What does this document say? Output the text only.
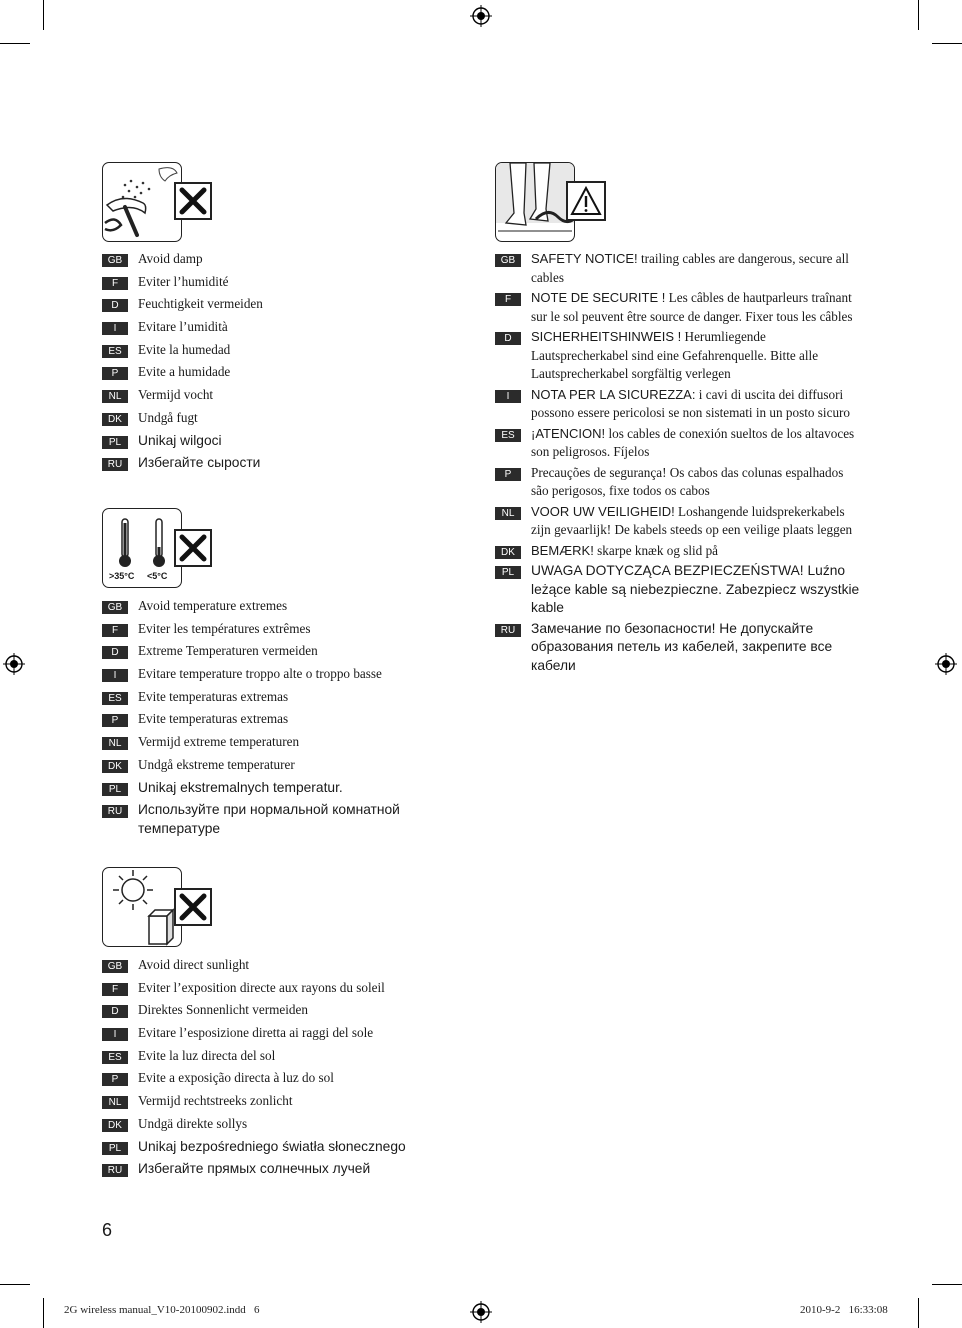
GB	Avoid damp
F	Eviter l’humidité
D	Feuchtigkeit vermeiden
I	Evitare l’umidità
ES	Evite la humedad
P	Evite a humidade
NL	Vermijd vocht
DK	Undgå fugt
PL	Unikaj wilgoci
RU	Избегайте сырости
>35°C <5°C
GB	Avoid temperature extremes
F	Eviter les températures extrêmes
D	Extreme Temperaturen vermeiden
I	Evitare temperature troppo alte o troppo basse
ES	Evite temperaturas extremas
P	Evite temperaturas extremas
NL	Vermijd extreme temperaturen
DK	Undgå ekstreme temperaturer
PL	Unikaj ekstremalnych temperatur.
RU	Используйте при нормальной комнатной температуре
GB	Avoid direct sunlight
F	Eviter l’exposition directe aux rayons du soleil
D	Direktes Sonnenlicht vermeiden
I	Evitare l’esposizione diretta ai raggi del sole
ES	Evite la luz directa del sol
P	Evite a exposição directa à luz do sol
NL	Vermijd rechtstreeks zonlicht
DK	Undgä direkte sollys
PL	Unikaj bezpośredniego światła słonecznego
RU	Избегайте прямых солнечных лучей
GB	SAFETY NOTICE! trailing cables are dangerous, secure all cables
F	NOTE DE SECURITE ! Les câbles de hautparleurs traînant sur le sol peuvent être source de danger. Fixer tous les câbles
D	SICHERHEITSHINWEIS ! Herumliegende Lautsprecherkabel sind eine Gefahrenquelle. Bitte alle Lautsprecherkabel sorgfältig verlegen
I	NOTA PER LA SICUREZZA: i cavi di uscita dei diffusori possono essere pericolosi se non sistemati in un posto sicuro
ES	¡ATENCION! los cables de conexión sueltos de los altavoces son peligrosos. Fíjelos
P	Precauções de segurança! Os cabos das colunas espalhados são perigosos, fixe todos os cabos
NL	VOOR UW VEILIGHEID! Loshangende luidsprekerkabels zijn gevaarlijk! De kabels steeds op een veilige plaats leggen
DK	BEMÆRK! skarpe knæk og slid på
PL	UWAGA DOTYCZĄCA BEZPIECZEŃSTWA! Luźno leżące kable są niebezpieczne. Zabezpiecz wszystkie kable
RU	Замечание по безопасности! Не допускайте образования петель из кабелей, закрепите все кабели
6
2G wireless manual_V10-20100902.indd   6	2010-9-2   16:33:08
